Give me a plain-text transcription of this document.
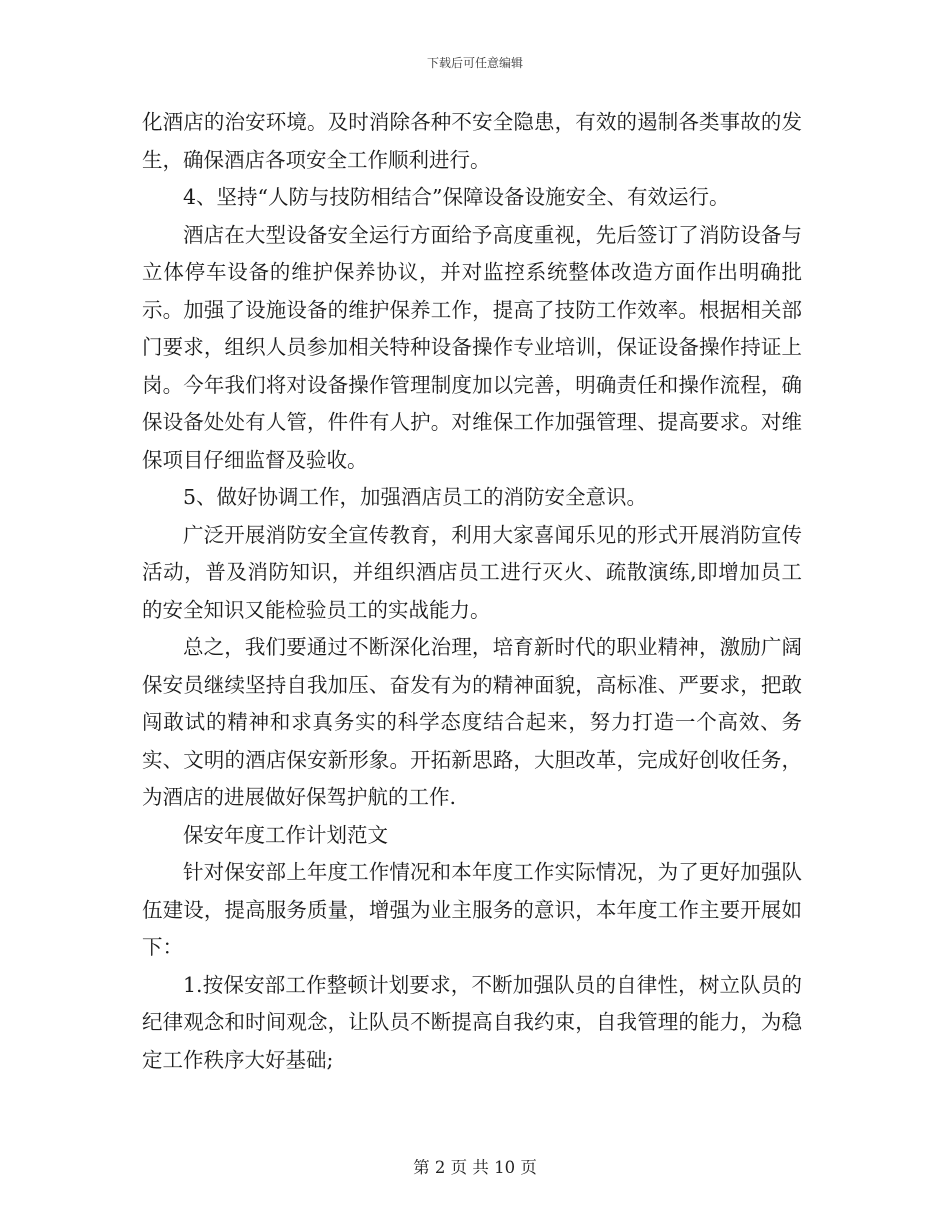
下载后可任意编辑

化酒店的治安环境。及时消除各种不安全隐患，有效的遏制各类事故的发生，确保酒店各项安全工作顺利进行。

4、坚持“人防与技防相结合”保障设备设施安全、有效运行。

酒店在大型设备安全运行方面给予高度重视，先后签订了消防设备与立体停车设备的维护保养协议，并对监控系统整体改造方面作出明确批示。加强了设施设备的维护保养工作，提高了技防工作效率。根据相关部门要求，组织人员参加相关特种设备操作专业培训，保证设备操作持证上岗。今年我们将对设备操作管理制度加以完善，明确责任和操作流程，确保设备处处有人管，件件有人护。对维保工作加强管理、提高要求。对维保项目仔细监督及验收。

5、做好协调工作，加强酒店员工的消防安全意识。

广泛开展消防安全宣传教育，利用大家喜闻乐见的形式开展消防宣传活动，普及消防知识，并组织酒店员工进行灭火、疏散演练,即增加员工的安全知识又能检验员工的实战能力。

总之，我们要通过不断深化治理，培育新时代的职业精神，激励广阔保安员继续坚持自我加压、奋发有为的精神面貌，高标准、严要求，把敢闯敢试的精神和求真务实的科学态度结合起来，努力打造一个高效、务实、文明的酒店保安新形象。开拓新思路，大胆改革，完成好创收任务，为酒店的进展做好保驾护航的工作.

保安年度工作计划范文

针对保安部上年度工作情况和本年度工作实际情况，为了更好加强队伍建设，提高服务质量，增强为业主服务的意识，本年度工作主要开展如下：

1.按保安部工作整顿计划要求，不断加强队员的自律性，树立队员的纪律观念和时间观念，让队员不断提高自我约束，自我管理的能力，为稳定工作秩序大好基础;

第 2 页 共 10 页
